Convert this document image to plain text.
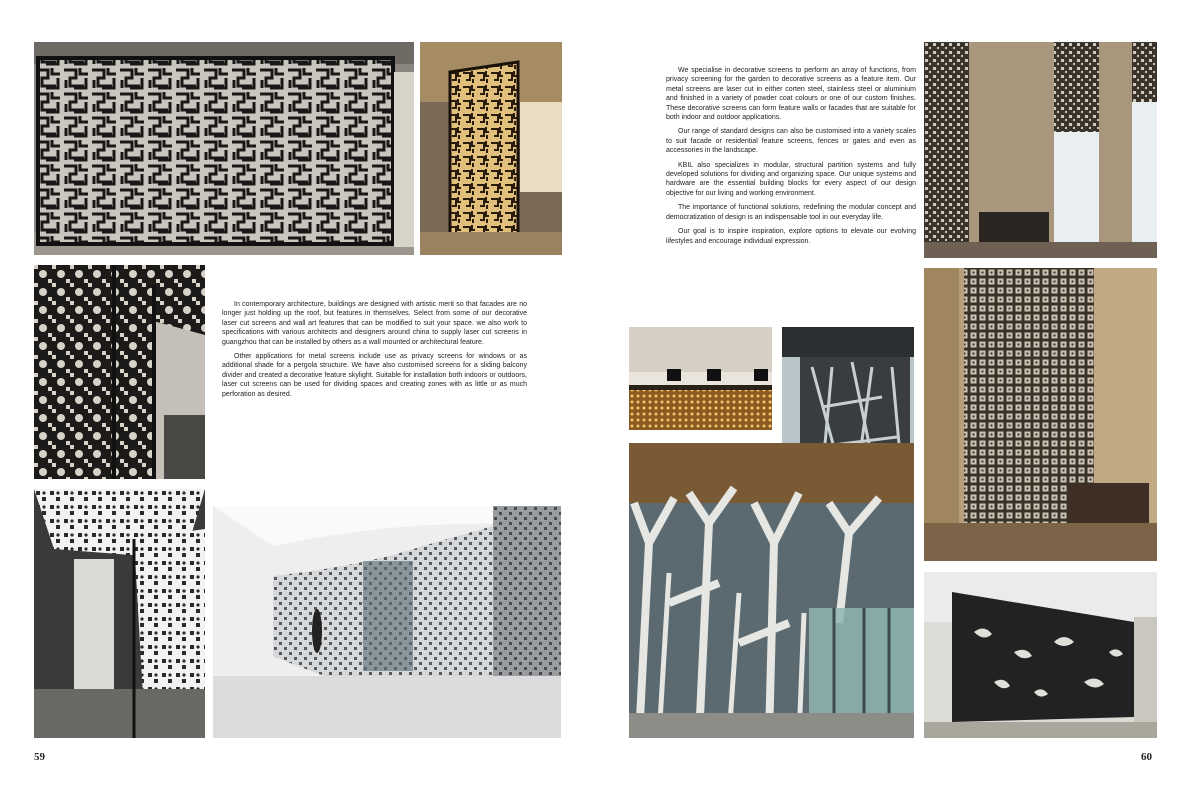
In contemporary architecture, buildings are designed with artistic merit so that facades are no longer just holding up the roof, but features in themselves. Select from some of our decorative laser cut screens and wall art features that can be modified to suit your space. we also work to specifications with various architects and designers around china to supply laser cut screens in guangzhou that can be installed by others as a wall mounted or architectural feature.

Other applications for metal screens include use as privacy screens for windows or as additional shade for a pergola structure. We have also customised screens for a sliding balcony divider and created a decorative feature skylight. Suitable for installation both indoors or outdoors, laser cut screens can be used for dividing spaces and creating zones with as little or as much perforation as desired.

59

We specialise in decorative screens to perform an array of functions, from privacy screening for the garden to decorative screens as a feature item. Our metal screens are laser cut in either corten steel, stainless steel or aluminium and finished in a variety of powder coat colours or one of our custom finishes. These decorative screens can form feature walls or facades that are suitable for both indoor and outdoor applications.

Our range of standard designs can also be customised into a variety scales to suit facade or residential feature screens, fences or gates and even as accessories in the landscape.

KBIL also specializes in modular, structural partition systems and fully developed solutions for dividing and organizing space. Our unique systems and hardware are the essential building blocks for every aspect of our design objective for our living and working environment.

The importance of functional solutions, redefining the modular concept and democratization of design is an indispensable tool in our everyday life.

Our goal is to inspire inspiration, explore options to elevate our evolving lifestyles and encourage individual expression.

60
